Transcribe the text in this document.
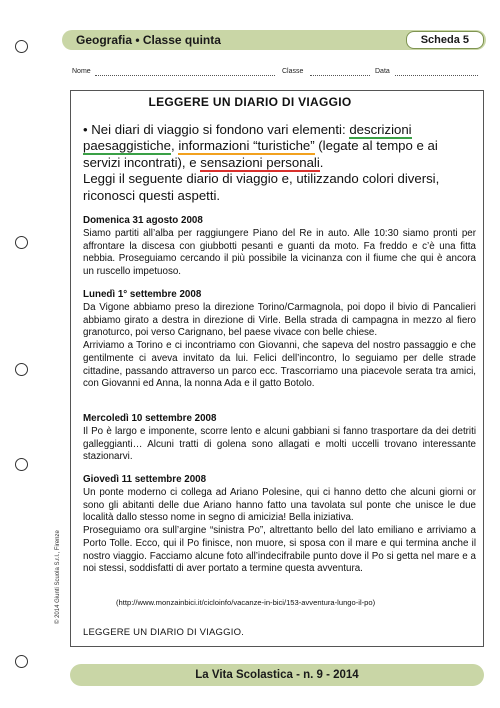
Geografia • Classe quinta	Scheda 5
Nome	Classe	Data
LEGGERE UN DIARIO DI VIAGGIO
• Nei diari di viaggio si fondono vari elementi: descrizioni paesaggistiche, informazioni “turistiche” (legate al tempo e ai servizi incontrati), e sensazioni personali.
Leggi il seguente diario di viaggio e, utilizzando colori diversi, riconosci questi aspetti.
Domenica 31 agosto 2008

Siamo partiti all’alba per raggiungere Piano del Re in auto. Alle 10:30 siamo pronti per affrontare la discesa con giubbotti pesanti e guanti da moto. Fa freddo e c’è una fitta nebbia. Proseguiamo cercando il più possibile la vicinanza con il fiume che qui è ancora un ruscello impetuoso.

Lunedì 1° settembre 2008

Da Vigone abbiamo preso la direzione Torino/Carmagnola, poi dopo il bivio di Pancalieri abbiamo girato a destra in direzione di Virle. Bella strada di campagna in mezzo al fiero granoturco, poi verso Carignano, bel paese vivace con belle chiese.

Arriviamo a Torino e ci incontriamo con Giovanni, che sapeva del nostro passaggio e che gentilmente ci aveva invitato da lui. Felici dell’incontro, lo seguiamo per delle strade cittadine, passando attraverso un parco ecc. Trascorriamo una piacevole serata tra amici, con Giovanni ed Anna, la nonna Ada e il gatto Botolo.

Mercoledì 10 settembre 2008

Il Po è largo e imponente, scorre lento e alcuni gabbiani si fanno trasportare da dei detriti galleggianti… Alcuni tratti di golena sono allagati e molti uccelli trovano interessante stazionarvi.

Giovedì 11 settembre 2008

Un ponte moderno ci collega ad Ariano Polesine, qui ci hanno detto che alcuni giorni or sono gli abitanti delle due Ariano hanno fatto una tavolata sul ponte che unisce le due località dallo stesso nome in segno di amicizia! Bella iniziativa.

Proseguiamo ora sull’argine “sinistra Po”, altrettanto bello del lato emiliano e arriviamo a Porto Tolle. Ecco, qui il Po finisce, non muore, si sposa con il mare e qui termina anche il nostro viaggio. Facciamo alcune foto all’indecifrabile punto dove il Po si getta nel mare e a noi stessi, soddisfatti di aver portato a termine questa avventura.

(http://www.monzainbici.it/cicloinfo/vacanze-in-bici/153-avventura-lungo-il-po)
LEGGERE UN DIARIO DI VIAGGIO.
© 2014 Giunti Scuola S.r.l., Firenze
La Vita Scolastica - n. 9 - 2014
